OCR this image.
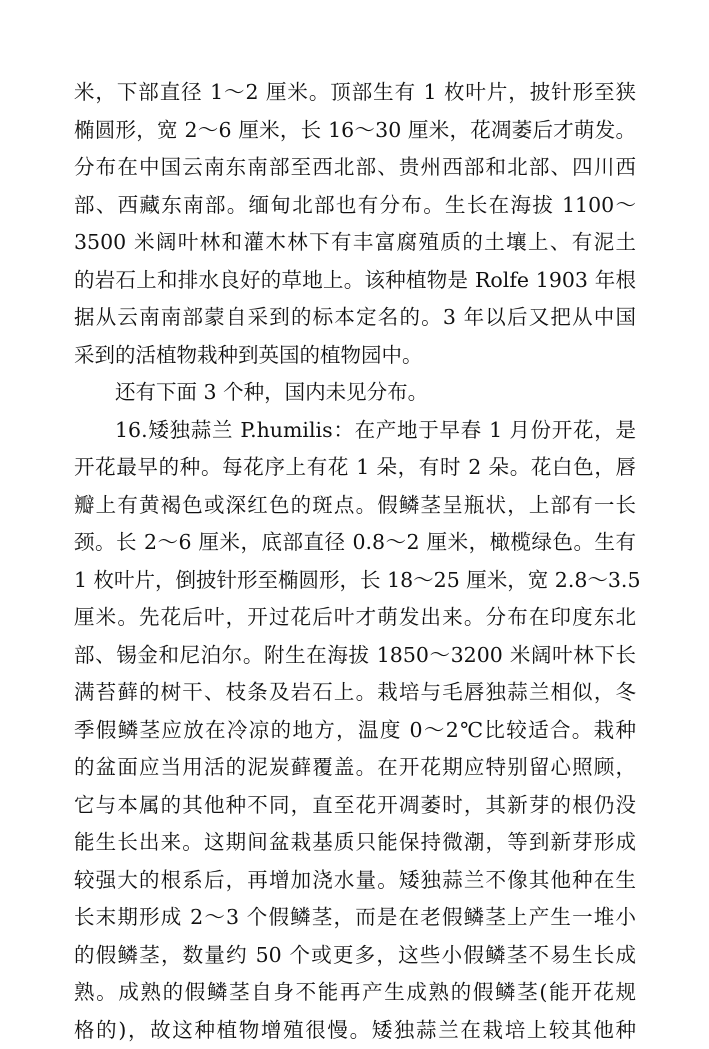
米，下部直径 1～2 厘米。顶部生有 1 枚叶片，披针形至狭
椭圆形，宽 2～6 厘米，长 16～30 厘米，花凋萎后才萌发。
分布在中国云南东南部至西北部、贵州西部和北部、四川西
部、西藏东南部。缅甸北部也有分布。生长在海拔 1100～
3500 米阔叶林和灌木林下有丰富腐殖质的土壤上、有泥土
的岩石上和排水良好的草地上。该种植物是 Rolfe 1903 年根
据从云南南部蒙自采到的标本定名的。3 年以后又把从中国
采到的活植物栽种到英国的植物园中。
还有下面 3 个种，国内未见分布。
16.矮独蒜兰 P.humilis：在产地于早春 1 月份开花，是
开花最早的种。每花序上有花 1 朵，有时 2 朵。花白色，唇
瓣上有黄褐色或深红色的斑点。假鳞茎呈瓶状，上部有一长
颈。长 2～6 厘米，底部直径 0.8～2 厘米，橄榄绿色。生有
1 枚叶片，倒披针形至椭圆形，长 18～25 厘米，宽 2.8～3.5
厘米。先花后叶，开过花后叶才萌发出来。分布在印度东北
部、锡金和尼泊尔。附生在海拔 1850～3200 米阔叶林下长
满苔藓的树干、枝条及岩石上。栽培与毛唇独蒜兰相似，冬
季假鳞茎应放在冷凉的地方，温度 0～2℃比较适合。栽种
的盆面应当用活的泥炭藓覆盖。在开花期应特别留心照顾，
它与本属的其他种不同，直至花开凋萎时，其新芽的根仍没
能生长出来。这期间盆栽基质只能保持微潮，等到新芽形成
较强大的根系后，再增加浇水量。矮独蒜兰不像其他种在生
长末期形成 2～3 个假鳞茎，而是在老假鳞茎上产生一堆小
的假鳞茎，数量约 50 个或更多，这些小假鳞茎不易生长成
熟。成熟的假鳞茎自身不能再产生成熟的假鳞茎(能开花规
格的)，故这种植物增殖很慢。矮独蒜兰在栽培上较其他种
